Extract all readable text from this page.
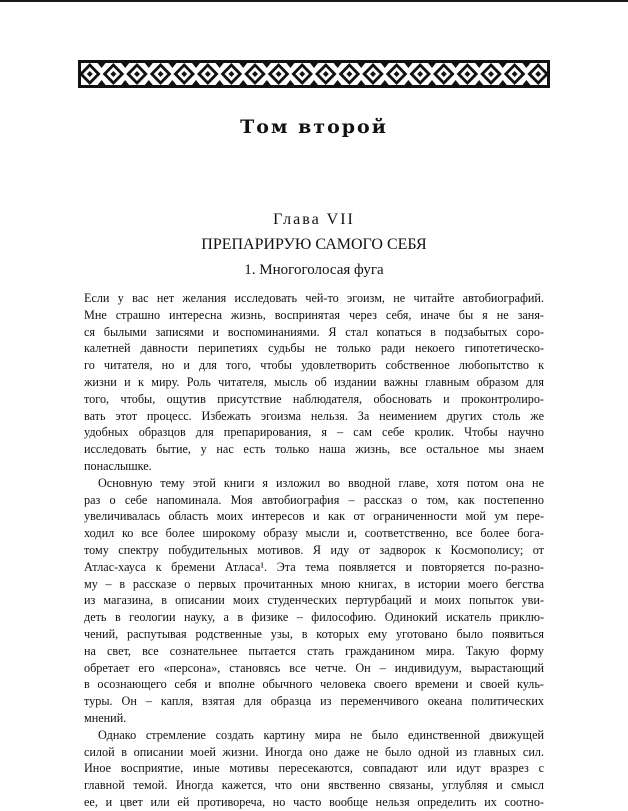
Том второй
Глава VII
ПРЕПАРИРУЮ САМОГО СЕБЯ
1. Многоголосая фуга
Если у вас нет желания исследовать чей-то эгоизм, не читайте автобиографий.
Мне страшно интересна жизнь, воспринятая через себя, иначе бы я не заня-
ся былыми записями и воспоминаниями. Я стал копаться в подзабытых соро-
калетней давности перипетиях судьбы не только ради некоего гипотетическо-
го читателя, но и для того, чтобы удовлетворить собственное любопытство к
жизни и к миру. Роль читателя, мысль об издании важны главным образом для
того, чтобы, ощутив присутствие наблюдателя, обосновать и проконтролиро-
вать этот процесс. Избежать эгоизма нельзя. За неимением других столь же
удобных образцов для препарирования, я – сам себе кролик. Чтобы научно
исследовать бытие, у нас есть только наша жизнь, все остальное мы знаем
понаслышке.
Основную тему этой книги я изложил во вводной главе, хотя потом она не
раз о себе напоминала. Моя автобиография – рассказ о том, как постепенно
увеличивалась область моих интересов и как от ограниченности мой ум пере-
ходил ко все более широкому образу мысли и, соответственно, все более бога-
тому спектру побудительных мотивов. Я иду от задворок к Космополису; от
Атлас-хауса к бремени Атласа¹. Эта тема появляется и повторяется по-разно-
му – в рассказе о первых прочитанных мною книгах, в истории моего бегства
из магазина, в описании моих студенческих пертурбаций и моих попыток уви-
деть в геологии науку, а в физике – философию. Одинокий искатель приклю-
чений, распутывая родственные узы, в которых ему уготовано было появиться
на свет, все сознательнее пытается стать гражданином мира. Такую форму
обретает его «персона», становясь все четче. Он – индивидуум, вырастающий
в осознающего себя и вполне обычного человека своего времени и своей куль-
туры. Он – капля, взятая для образца из переменчивого океана политических
мнений.
Однако стремление создать картину мира не было единственной движущей
силой в описании моей жизни. Иногда оно даже не было одной из главных сил.
Иное восприятие, иные мотивы пересекаются, совпадают или идут вразрез с
главной темой. Иногда кажется, что они явственно связаны, углубляя и смысл
ее, и цвет или ей противореча, но часто вообще нельзя определить их соотно-
